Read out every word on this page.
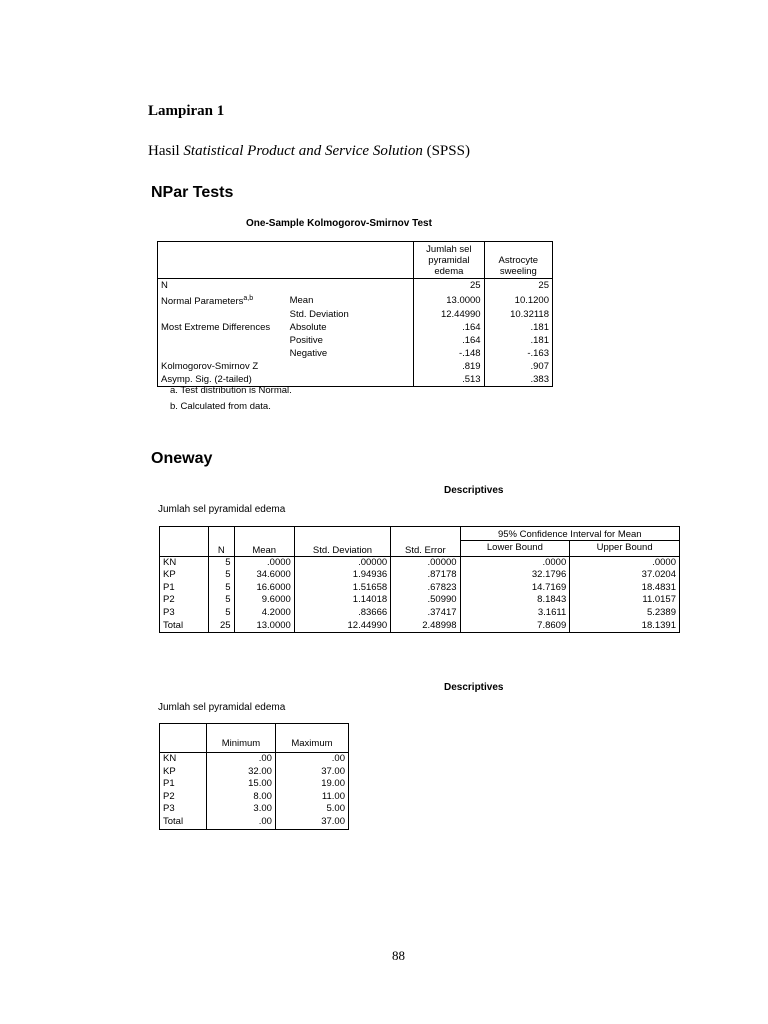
Lampiran 1
Hasil Statistical Product and Service Solution (SPSS)
NPar Tests
One-Sample Kolmogorov-Smirnov Test
		Jumlah sel pyramidal edema	Astrocyte sweeling
N		25	25
Normal Parameters$^{a,b}$	Mean	13.0000	10.1200
	Std. Deviation	12.44990	10.32118
Most Extreme Differences	Absolute	.164	.181
	Positive	.164	.181
	Negative	-.148	-.163
Kolmogorov-Smirnov Z		.819	.907
Asymp. Sig. (2-tailed)		.513	.383
a. Test distribution is Normal.
b. Calculated from data.
Oneway
Descriptives
Jumlah sel pyramidal edema
	N	Mean	Std. Deviation	Std. Error	95% Confidence Interval for Mean	
					Lower Bound	Upper Bound
KN	5	.0000	.00000	.00000	.0000	.0000
KP	5	34.6000	1.94936	.87178	32.1796	37.0204
P1	5	16.6000	1.51658	.67823	14.7169	18.4831
P2	5	9.6000	1.14018	.50990	8.1843	11.0157
P3	5	4.2000	.83666	.37417	3.1611	5.2389
Total	25	13.0000	12.44990	2.48998	7.8609	18.1391
Descriptives
Jumlah sel pyramidal edema
	Minimum	Maximum
KN	.00	.00
KP	32.00	37.00
P1	15.00	19.00
P2	8.00	11.00
P3	3.00	5.00
Total	.00	37.00
88
